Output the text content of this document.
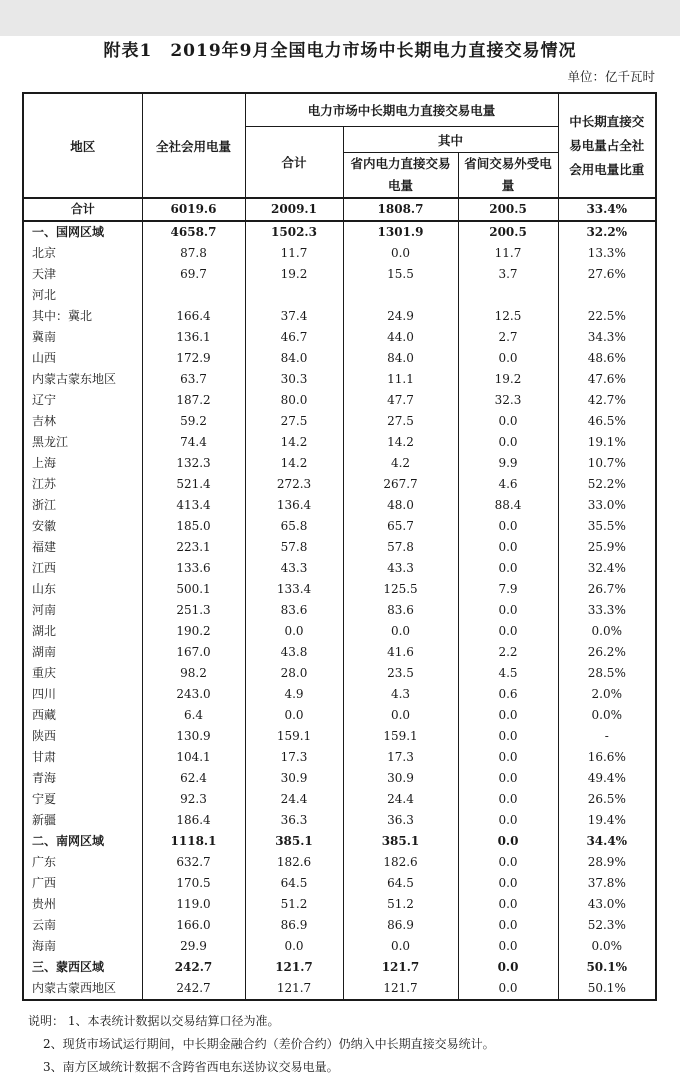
附表1　2019年9月全国电力市场中长期电力直接交易情况
单位：亿千瓦时
地区	全社会用电量	电力市场中长期电力直接交易电量			中长期直接交易电量占全社会用电量比重

		合计	其中		

			省内电力直接交易电量	省间交易外受电量	

合计	6019.6	2009.1	1808.7	200.5	33.4%
一、国网区域	4658.7	1502.3	1301.9	200.5	32.2%
北京	87.8	11.7	0.0	11.7	13.3%
天津	69.7	19.2	15.5	3.7	27.6%
河北					
其中：冀北	166.4	37.4	24.9	12.5	22.5%
冀南	136.1	46.7	44.0	2.7	34.3%
山西	172.9	84.0	84.0	0.0	48.6%
内蒙古蒙东地区	63.7	30.3	11.1	19.2	47.6%
辽宁	187.2	80.0	47.7	32.3	42.7%
吉林	59.2	27.5	27.5	0.0	46.5%
黑龙江	74.4	14.2	14.2	0.0	19.1%
上海	132.3	14.2	4.2	9.9	10.7%
江苏	521.4	272.3	267.7	4.6	52.2%
浙江	413.4	136.4	48.0	88.4	33.0%
安徽	185.0	65.8	65.7	0.0	35.5%
福建	223.1	57.8	57.8	0.0	25.9%
江西	133.6	43.3	43.3	0.0	32.4%
山东	500.1	133.4	125.5	7.9	26.7%
河南	251.3	83.6	83.6	0.0	33.3%
湖北	190.2	0.0	0.0	0.0	0.0%
湖南	167.0	43.8	41.6	2.2	26.2%
重庆	98.2	28.0	23.5	4.5	28.5%
四川	243.0	4.9	4.3	0.6	2.0%
西藏	6.4	0.0	0.0	0.0	0.0%
陕西	130.9	159.1	159.1	0.0	-
甘肃	104.1	17.3	17.3	0.0	16.6%
青海	62.4	30.9	30.9	0.0	49.4%
宁夏	92.3	24.4	24.4	0.0	26.5%
新疆	186.4	36.3	36.3	0.0	19.4%
二、南网区域	1118.1	385.1	385.1	0.0	34.4%
广东	632.7	182.6	182.6	0.0	28.9%
广西	170.5	64.5	64.5	0.0	37.8%
贵州	119.0	51.2	51.2	0.0	43.0%
云南	166.0	86.9	86.9	0.0	52.3%
海南	29.9	0.0	0.0	0.0	0.0%
三、蒙西区域	242.7	121.7	121.7	0.0	50.1%
内蒙古蒙西地区	242.7	121.7	121.7	0.0	50.1%
说明： 1、本表统计数据以交易结算口径为准。
2、现货市场试运行期间，中长期金融合约（差价合约）仍纳入中长期直接交易统计。
3、南方区域统计数据不含跨省西电东送协议交易电量。
